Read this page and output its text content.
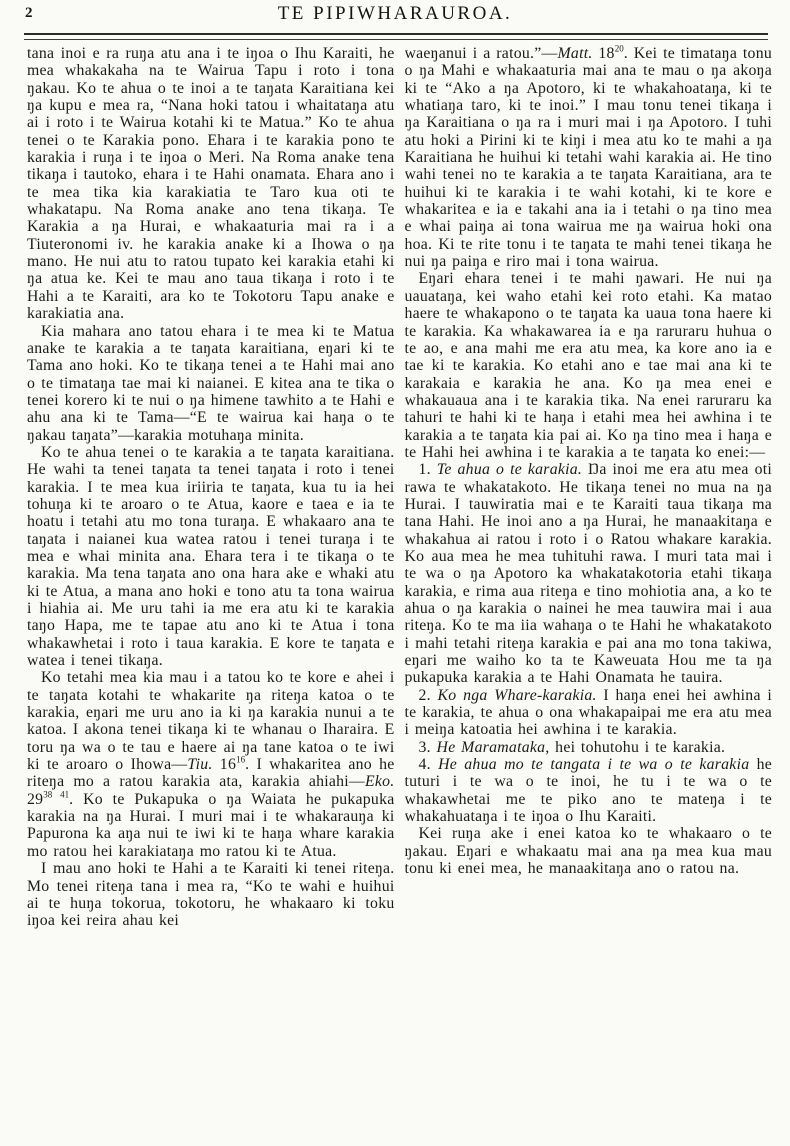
2	TE PIPIWHARAUROA.

tana inoi e ra ruŋa atu ana i te iŋoa o Ihu Karaiti, he mea whakakaha na te Wairua Tapu i roto i tona ŋakau. Ko te ahua o te inoi a te taŋata Karaitiana kei ŋa kupu e mea ra, “Nana hoki tatou i whaitataŋa atu ai i roto i te Wairua kotahi ki te Matua.” Ko te ahua tenei o te Karakia pono. Ehara i te karakia pono te karakia i ruŋa i te iŋoa o Meri. Na Roma anake tena tikaŋa i tautoko, ehara i te Hahi onamata. Ehara ano i te mea tika kia karakiatia te Taro kua oti te whakatapu. Na Roma anake ano tena tikaŋa. Te Karakia a ŋa Hurai, e whakaaturia mai ra i a Tiuteronomi iv. he karakia anake ki a Ihowa o ŋa mano. He nui atu to ratou tupato kei karakia etahi ki ŋa atua ke. Kei te mau ano taua tikaŋa i roto i te Hahi a te Karaiti, ara ko te Tokotoru Tapu anake e karakiatia ana.

Kia mahara ano tatou ehara i te mea ki te Matua anake te karakia a te taŋata karaitiana, eŋari ki te Tama ano hoki. Ko te tikaŋa tenei a te Hahi mai ano o te timataŋa tae mai ki naianei. E kitea ana te tika o tenei korero ki te nui o ŋa himene tawhito a te Hahi e ahu ana ki te Tama—“E te wairua kai haŋa o te ŋakau taŋata”—karakia motuhaŋa minita.

Ko te ahua tenei o te karakia a te taŋata karaitiana. He wahi ta tenei taŋata ta tenei taŋata i roto i tenei karakia. I te mea kua iriiria te taŋata, kua tu ia hei tohuŋa ki te aroaro o te Atua, kaore e taea e ia te hoatu i tetahi atu mo tona turaŋa. E whakaaro ana te taŋata i naianei kua watea ratou i tenei turaŋa i te mea e whai minita ana. Ehara tera i te tikaŋa o te karakia. Ma tena taŋata ano ona hara ake e whaki atu ki te Atua, a mana ano hoki e tono atu ta tona wairua i hiahia ai. Me uru tahi ia me era atu ki te karakia taŋo Hapa, me te tapae atu ano ki te Atua i tona whakawhetai i roto i taua karakia. E kore te taŋata e watea i tenei tikaŋa.

Ko tetahi mea kia mau i a tatou ko te kore e ahei i te taŋata kotahi te whakarite ŋa riteŋa katoa o te karakia, eŋari me uru ano ia ki ŋa karakia nunui a te katoa. I akona tenei tikaŋa ki te whanau o Iharaira. E toru ŋa wa o te tau e haere ai ŋa tane katoa o te iwi ki te aroaro o Ihowa—Tiu. $16^{16}$. I whakaritea ano he riteŋa mo a ratou karakia ata, karakia ahiahi—Eko. $29^{38 41}$. Ko te Pukapuka o ŋa Waiata he pukapuka karakia na ŋa Hurai. I muri mai i te whakarauŋa ki Papurona ka aŋa nui te iwi ki te haŋa whare karakia mo ratou hei karakiataŋa mo ratou ki te Atua.

I mau ano hoki te Hahi a te Karaiti ki tenei riteŋa. Mo tenei riteŋa tana i mea ra, “Ko te wahi e huihui ai te huŋa tokorua, tokotoru, he whakaaro ki toku iŋoa kei reira ahau kei

waeŋanui i a ratou.”—Matt. $18^{20}$. Kei te timataŋa tonu o ŋa Mahi e whakaaturia mai ana te mau o ŋa akoŋa ki te “Ako a ŋa Apotoro, ki te whakahoataŋa, ki te whatiaŋa taro, ki te inoi.” I mau tonu tenei tikaŋa i ŋa Karaitiana o ŋa ra i muri mai i ŋa Apotoro. I tuhi atu hoki a Pirini ki te kiŋi i mea atu ko te mahi a ŋa Karaitiana he huihui ki tetahi wahi karakia ai. He tino wahi tenei no te karakia a te taŋata Karaitiana, ara te huihui ki te karakia i te wahi kotahi, ki te kore e whakaritea e ia e takahi ana ia i tetahi o ŋa tino mea e whai paiŋa ai tona wairua me ŋa wairua hoki ona hoa. Ki te rite tonu i te taŋata te mahi tenei tikaŋa he nui ŋa paiŋa e riro mai i tona wairua.

Eŋari ehara tenei i te mahi ŋawari. He nui ŋa uauataŋa, kei waho etahi kei roto etahi. Ka matao haere te whakapono o te taŋata ka uaua tona haere ki te karakia. Ka whakawarea ia e ŋa raruraru huhua o te ao, e ana mahi me era atu mea, ka kore ano ia e tae ki te karakia. Ko etahi ano e tae mai ana ki te karakaia e karakia he ana. Ko ŋa mea enei e whakauaua ana i te karakia tika. Na enei raruraru ka tahuri te hahi ki te haŋa i etahi mea hei awhina i te karakia a te taŋata kia pai ai. Ko ŋa tino mea i haŋa e te Hahi hei awhina i te karakia a te taŋata ko enei:—

1. Te ahua o te karakia. Ŋa inoi me era atu mea oti rawa te whakatakoto. He tikaŋa tenei no mua na ŋa Hurai. I tauwiratia mai e te Karaiti taua tikaŋa ma tana Hahi. He inoi ano a ŋa Hurai, he manaakitaŋa e whakahua ai ratou i roto i o Ratou whakare karakia. Ko aua mea he mea tuhituhi rawa. I muri tata mai i te wa o ŋa Apotoro ka whakatakotoria etahi tikaŋa karakia, e rima aua riteŋa e tino mohiotia ana, a ko te ahua o ŋa karakia o nainei he mea tauwira mai i aua riteŋa. Ko te ma iia wahaŋa o te Hahi he whakatakoto i mahi tetahi riteŋa karakia e pai ana mo tona takiwa, eŋari me waiho ko ta te Kaweuata Hou me ta ŋa pukapuka karakia a te Hahi Onamata he tauira.

2. Ko nga Whare-karakia. I haŋa enei hei awhina i te karakia, te ahua o ona whakapaipai me era atu mea i meiŋa katoatia hei awhina i te karakia.

3. He Maramataka, hei tohutohu i te karakia.

4. He ahua mo te tangata i te wa o te karakia he tuturi i te wa o te inoi, he tu i te wa o te whakawhetai me te piko ano te mateŋa i te whakahuataŋa i te iŋoa o Ihu Karaiti.

Kei ruŋa ake i enei katoa ko te whakaaro o te ŋakau. Eŋari e whakaatu mai ana ŋa mea kua mau tonu ki enei mea, he manaakitaŋa ano o ratou na.
